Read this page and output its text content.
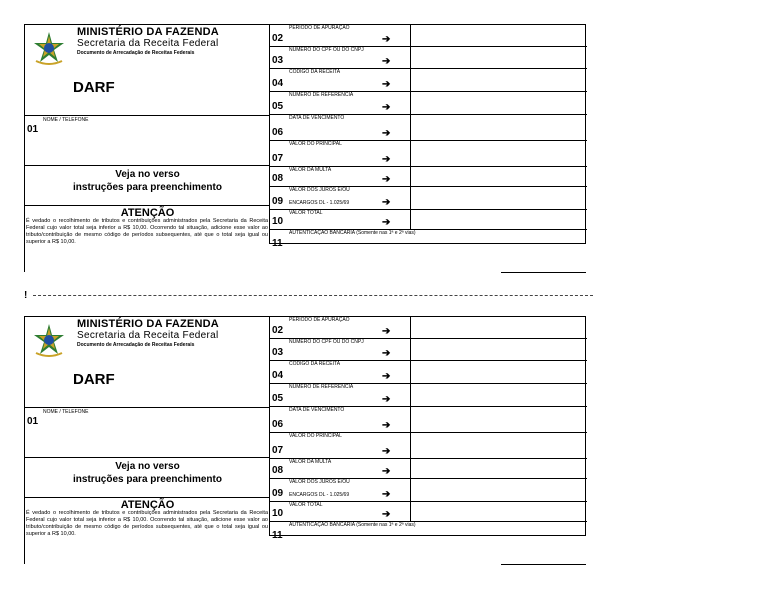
MINISTÉRIO DA FAZENDA
Secretaria da Receita Federal
Documento de Arrecadação de Receitas Federais
DARF
NOME / TELEFONE
01
Veja no verso
instruções para preenchimento
ATENÇÃO
É vedado o recolhimento de tributos e contribuições administrados pela Secretaria da Receita Federal cujo valor total seja inferior a R$ 10,00. Ocorrendo tal situação, adicione esse valor ao tributo/contribuição de mesmo código de períodos subsequentes, até que o total seja igual ou superior a R$ 10,00.
PERÍODO DE APURAÇÃO
02	➔
NÚMERO DO CPF OU DO CNPJ
03	➔
CÓDIGO DA RECEITA
04	➔
NÚMERO DE REFERÊNCIA
05	➔
DATA DE VENCIMENTO
06	➔
VALOR DO PRINCIPAL
07	➔
VALOR DA MULTA
08	➔
VALOR DOS JUROS E/OU
ENCARGOS DL - 1.025/69
09	➔
VALOR TOTAL
10	➔
AUTENTICAÇÃO BANCÁRIA (Somente nas 1ª e 2ª vias)
11
!
MINISTÉRIO DA FAZENDA
Secretaria da Receita Federal
Documento de Arrecadação de Receitas Federais
DARF
NOME / TELEFONE
01
Veja no verso
instruções para preenchimento
ATENÇÃO
É vedado o recolhimento de tributos e contribuições administrados pela Secretaria da Receita Federal cujo valor total seja inferior a R$ 10,00. Ocorrendo tal situação, adicione esse valor ao tributo/contribuição de mesmo código de períodos subsequentes, até que o total seja igual ou superior a R$ 10,00.
PERÍODO DE APURAÇÃO
02	➔
NÚMERO DO CPF OU DO CNPJ
03	➔
CÓDIGO DA RECEITA
04	➔
NÚMERO DE REFERÊNCIA
05	➔
DATA DE VENCIMENTO
06	➔
VALOR DO PRINCIPAL
07	➔
VALOR DA MULTA
08	➔
VALOR DOS JUROS E/OU
ENCARGOS DL - 1.025/69
09	➔
VALOR TOTAL
10	➔
AUTENTICAÇÃO BANCÁRIA (Somente nas 1ª e 2ª vias)
11
